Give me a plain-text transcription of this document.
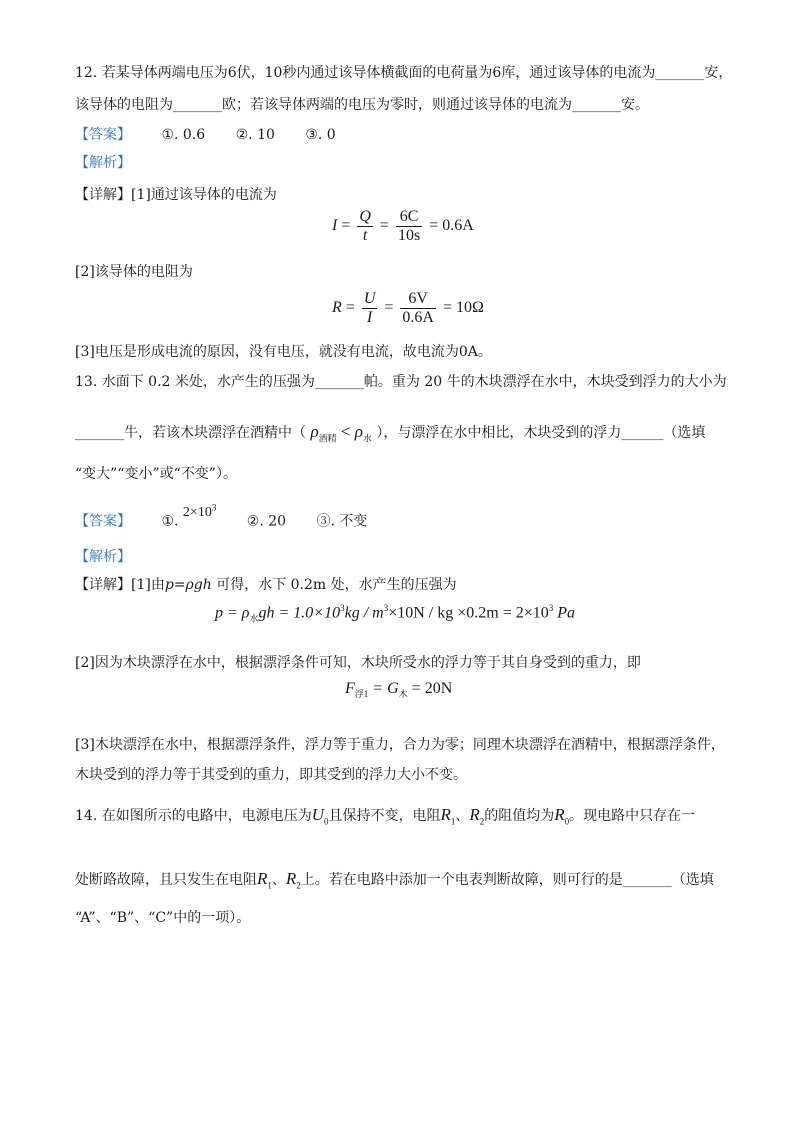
12. 若某导体两端电压为6伏，10秒内通过该导体横截面的电荷量为6库，通过该导体的电流为_______安，
该导体的电阻为_______欧；若该导体两端的电压为零时，则通过该导体的电流为_______安。
【答案】 ①. 0.6 ②. 10 ③. 0
【解析】
【详解】[1]通过该导体的电流为
$I = \frac{Q}{t} = \frac{6C}{10s} = 0.6A$
[2]该导体的电阻为
$R = \frac{U}{I} = \frac{6V}{0.6A} = 10\Omega$
[3]电压是形成电流的原因，没有电压，就没有电流，故电流为0A。
13. 水面下 0.2 米处，水产生的压强为_______帕。重为 20 牛的木块漂浮在水中，木块受到浮力的大小为
_______牛，若该木块漂浮在酒精中（ $\rho_{酒精} < \rho_水$ ），与漂浮在水中相比，木块受到的浮力______（选填
“变大”“变小”或“不变”）。
【答案】 ①. $2\times 10^3$ ②. 20 ③. 不变
【解析】
【详解】[1]由p=ρgh 可得，水下 0.2m 处，水产生的压强为
$p = \rho_水gh = 1.0\times 10^3kg / m^3\times 10N$ / kg $\times 0.2m = 2\times 10^3$ Pa
[2]因为木块漂浮在水中，根据漂浮条件可知，木块所受水的浮力等于其自身受到的重力，即
$F_{浮1} = G_木 = 20N$
[3]木块漂浮在水中，根据漂浮条件，浮力等于重力，合力为零；同理木块漂浮在酒精中，根据漂浮条件，
木块受到的浮力等于其受到的重力，即其受到的浮力大小不变。
14. 在如图所示的电路中，电源电压为$U_0$且保持不变，电阻$R_1$、$R_2$的阻值均为$R_0$。现电路中只存在一
处断路故障，且只发生在电阻$R_1$、$R_2$上。若在电路中添加一个电表判断故障，则可行的是_______（选填
“A”、“B”、“C”中的一项）。
